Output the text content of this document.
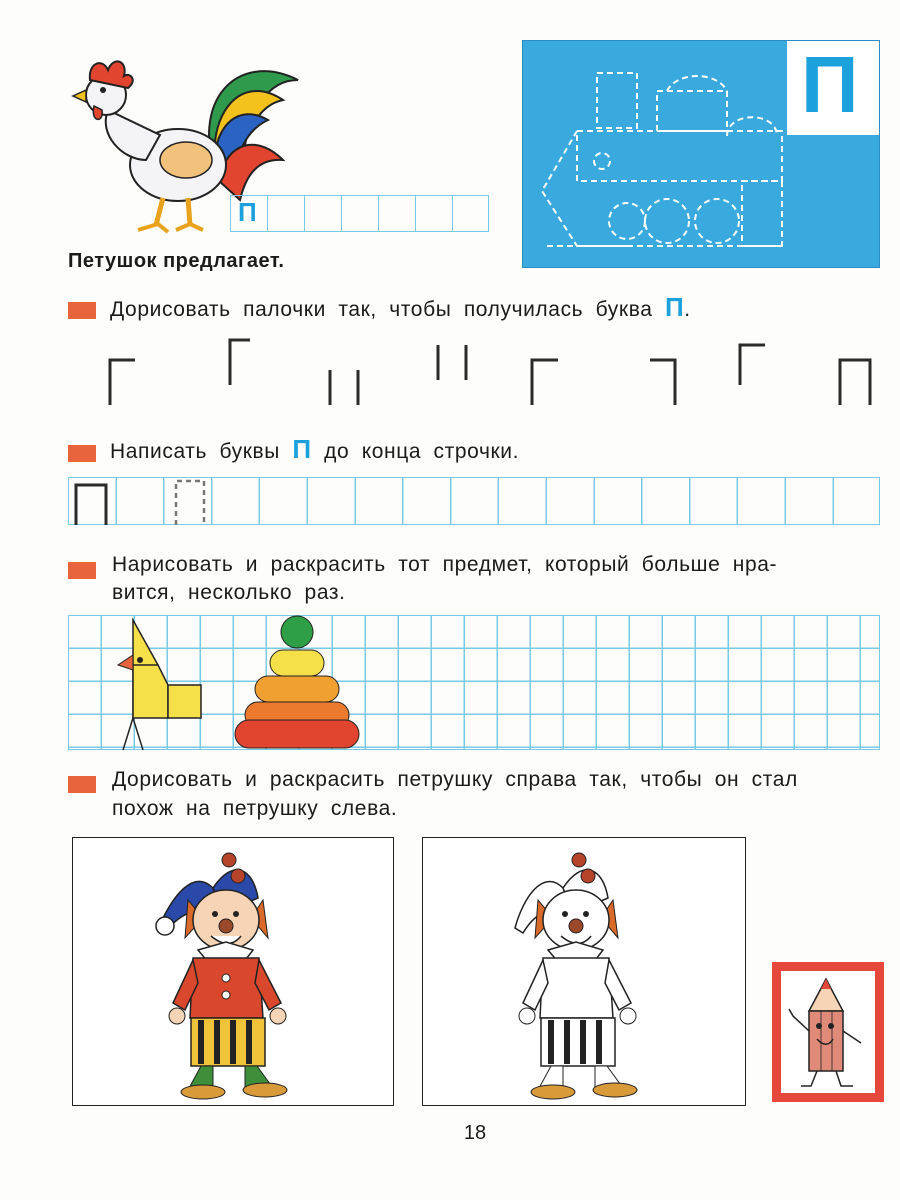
П
Петушок предлагает.
П
Дорисовать палочки так, чтобы получилась буква П.
Написать буквы П до конца строчки.
Нарисовать и раскрасить тот предмет, который больше нра-
вится, несколько раз.
Дорисовать и раскрасить петрушку справа так, чтобы он стал
похож на петрушку слева.
18
